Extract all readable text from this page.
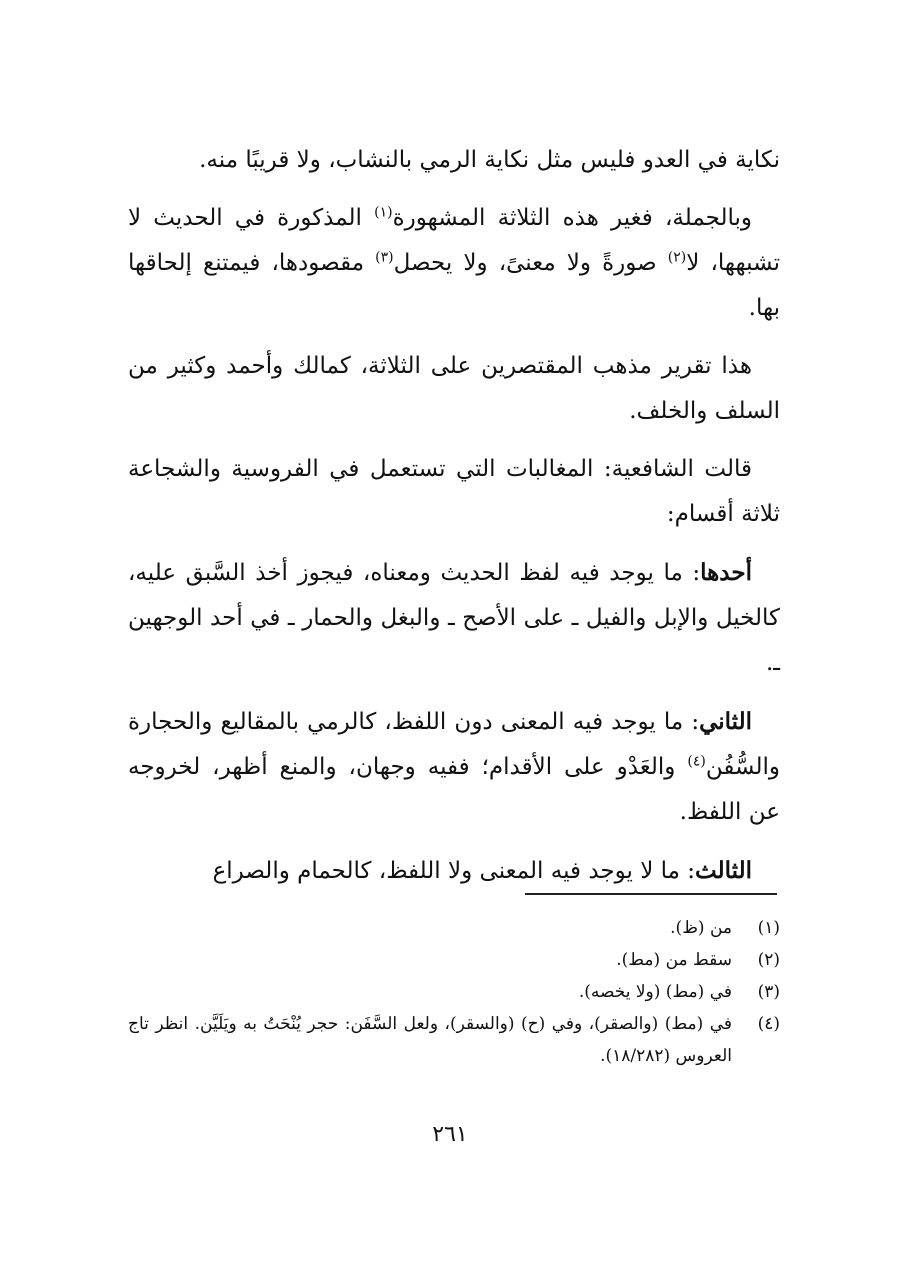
نكاية في العدو فليس مثل نكاية الرمي بالنشاب، ولا قريبًا منه.

وبالجملة، فغير هذه الثلاثة المشهورة$^{(١)}$ المذكورة في الحديث لا تشبهها، لا$^{(٢)}$ صورةً ولا معنىً، ولا يحصل$^{(٣)}$ مقصودها، فيمتنع إلحاقها بها.

هذا تقرير مذهب المقتصرين على الثلاثة، كمالك وأحمد وكثير من السلف والخلف.

قالت الشافعية: المغالبات التي تستعمل في الفروسية والشجاعة ثلاثة أقسام:

أحدها: ما يوجد فيه لفظ الحديث ومعناه، فيجوز أخذ السَّبق عليه، كالخيل والإبل والفيل ـ على الأصح ـ والبغل والحمار ـ في أحد الوجهين ـ.

الثاني: ما يوجد فيه المعنى دون اللفظ، كالرمي بالمقاليع والحجارة والسُّفُن$^{(٤)}$ والعَدْو على الأقدام؛ ففيه وجهان، والمنع أظهر، لخروجه عن اللفظ.

الثالث: ما لا يوجد فيه المعنى ولا اللفظ، كالحمام والصراع

(١)
من (ظ).
(٢)
سقط من (مط).
(٣)
في (مط) (ولا يخصه).
(٤)
في (مط) (والصقر)، وفي (ح) (والسقر)، ولعل السَّفَن: حجر يُنْحَتُ به ويَلَيَّن. انظر تاج العروس (١٨/٢٨٢).
٢٦١
